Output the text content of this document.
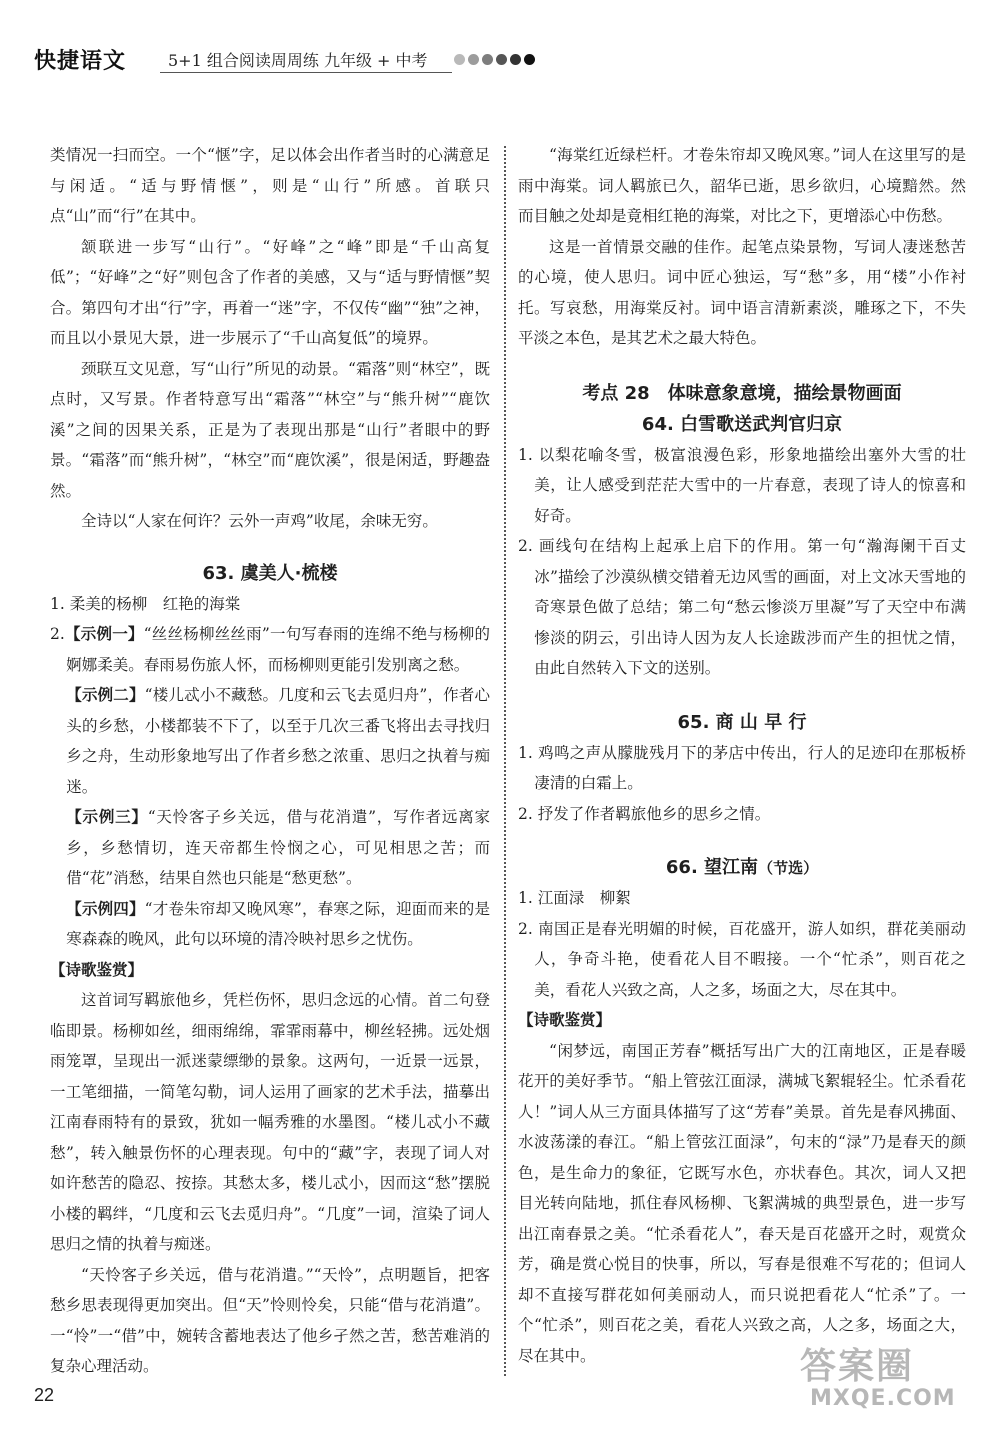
快捷语文	5+1 组合阅读周周练 九年级 + 中考

类情况一扫而空。一个“惬”字，足以体会出作者当时的心满意足与闲适。“适与野情惬”，则是“山行”所感。首联只点“山”而“行”在其中。

颔联进一步写“山行”。“好峰”之“峰”即是“千山高复低”；“好峰”之“好”则包含了作者的美感，又与“适与野情惬”契合。第四句才出“行”字，再着一“迷”字，不仅传“幽”“独”之神，而且以小景见大景，进一步展示了“千山高复低”的境界。

颈联互文见意，写“山行”所见的动景。“霜落”则“林空”，既点时，又写景。作者特意写出“霜落”“林空”与“熊升树”“鹿饮溪”之间的因果关系，正是为了表现出那是“山行”者眼中的野景。“霜落”而“熊升树”，“林空”而“鹿饮溪”，很是闲适，野趣盎然。

全诗以“人家在何许？云外一声鸡”收尾，余味无穷。

63. 虞美人·梳楼

1. 柔美的杨柳　红艳的海棠

2.【示例一】“丝丝杨柳丝丝雨”一句写春雨的连绵不绝与杨柳的婀娜柔美。春雨易伤旅人怀，而杨柳则更能引发别离之愁。

【示例二】“楼儿忒小不藏愁。几度和云飞去觅归舟”，作者心头的乡愁，小楼都装不下了，以至于几次三番飞将出去寻找归乡之舟，生动形象地写出了作者乡愁之浓重、思归之执着与痴迷。

【示例三】“天怜客子乡关远，借与花消遣”，写作者远离家乡，乡愁情切，连天帝都生怜悯之心，可见相思之苦；而借“花”消愁，结果自然也只能是“愁更愁”。

【示例四】“才卷朱帘却又晚风寒”，春寒之际，迎面而来的是寒森森的晚风，此句以环境的清冷映衬思乡之忧伤。

【诗歌鉴赏】

这首词写羁旅他乡，凭栏伤怀，思归念远的心情。首二句登临即景。杨柳如丝，细雨绵绵，霏霏雨幕中，柳丝轻拂。远处烟雨笼罩，呈现出一派迷蒙缥缈的景象。这两句，一近景一远景，一工笔细描，一简笔勾勒，词人运用了画家的艺术手法，描摹出江南春雨特有的景致，犹如一幅秀雅的水墨图。“楼儿忒小不藏愁”，转入触景伤怀的心理表现。句中的“藏”字，表现了词人对如许愁苦的隐忍、按捺。其愁太多，楼儿忒小，因而这“愁”摆脱小楼的羁绊，“几度和云飞去觅归舟”。“几度”一词，渲染了词人思归之情的执着与痴迷。

“天怜客子乡关远，借与花消遣。”“天怜”，点明题旨，把客愁乡思表现得更加突出。但“天”怜则怜矣，只能“借与花消遣”。一“怜”一“借”中，婉转含蓄地表达了他乡孑然之苦，愁苦难消的复杂心理活动。

“海棠红近绿栏杆。才卷朱帘却又晚风寒。”词人在这里写的是雨中海棠。词人羁旅已久，韶华已逝，思乡欲归，心境黯然。然而目触之处却是竟相红艳的海棠，对比之下，更增添心中伤愁。

这是一首情景交融的佳作。起笔点染景物，写词人凄迷愁苦的心境，使人思归。词中匠心独运，写“愁”多，用“楼”小作衬托。写哀愁，用海棠反衬。词中语言清新素淡，雕琢之下，不失平淡之本色，是其艺术之最大特色。

考点 28　体味意象意境，描绘景物画面

64. 白雪歌送武判官归京

1. 以梨花喻冬雪，极富浪漫色彩，形象地描绘出塞外大雪的壮美，让人感受到茫茫大雪中的一片春意，表现了诗人的惊喜和好奇。

2. 画线句在结构上起承上启下的作用。第一句“瀚海阑干百丈冰”描绘了沙漠纵横交错着无边风雪的画面，对上文冰天雪地的奇寒景色做了总结；第二句“愁云惨淡万里凝”写了天空中布满惨淡的阴云，引出诗人因为友人长途跋涉而产生的担忧之情，由此自然转入下文的送别。

65. 商 山 早 行

1. 鸡鸣之声从朦胧残月下的茅店中传出，行人的足迹印在那板桥凄清的白霜上。

2. 抒发了作者羁旅他乡的思乡之情。

66. 望江南（节选）

1. 江面渌　柳絮

2. 南国正是春光明媚的时候，百花盛开，游人如织，群花美丽动人，争奇斗艳，使看花人目不暇接。一个“忙杀”，则百花之美，看花人兴致之高，人之多，场面之大，尽在其中。

【诗歌鉴赏】

“闲梦远，南国正芳春”概括写出广大的江南地区，正是春暖花开的美好季节。“船上管弦江面渌，满城飞絮辊轻尘。忙杀看花人！”词人从三方面具体描写了这“芳春”美景。首先是春风拂面、水波荡漾的春江。“船上管弦江面渌”，句末的“渌”乃是春天的颜色，是生命力的象征，它既写水色，亦状春色。其次，词人又把目光转向陆地，抓住春风杨柳、飞絮满城的典型景色，进一步写出江南春景之美。“忙杀看花人”，春天是百花盛开之时，观赏众芳，确是赏心悦目的快事，所以，写春是很难不写花的；但词人却不直接写群花如何美丽动人，而只说把看花人“忙杀”了。一个“忙杀”，则百花之美，看花人兴致之高，人之多，场面之大，尽在其中。

22
答案圈
MXQE.COM
